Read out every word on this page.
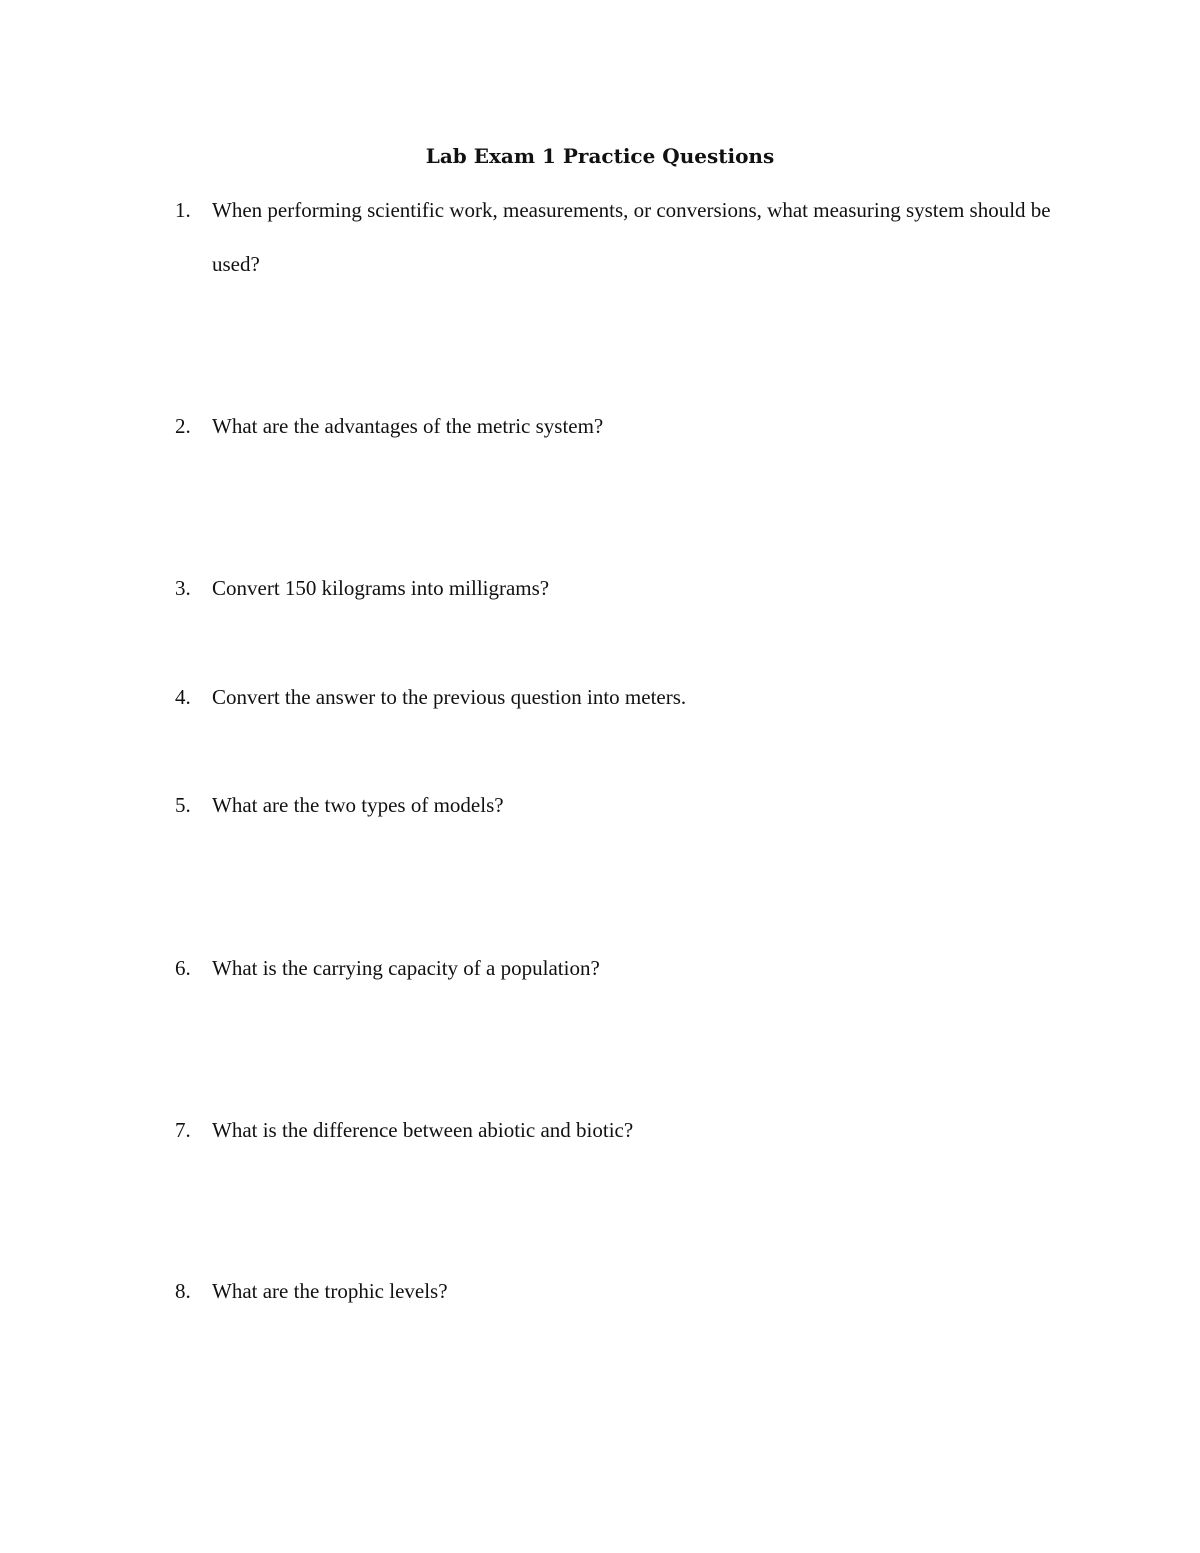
Lab Exam 1 Practice Questions
1. When performing scientific work, measurements, or conversions, what measuring system should be used?
2. What are the advantages of the metric system?
3. Convert 150 kilograms into milligrams?
4. Convert the answer to the previous question into meters.
5. What are the two types of models?
6. What is the carrying capacity of a population?
7. What is the difference between abiotic and biotic?
8. What are the trophic levels?
